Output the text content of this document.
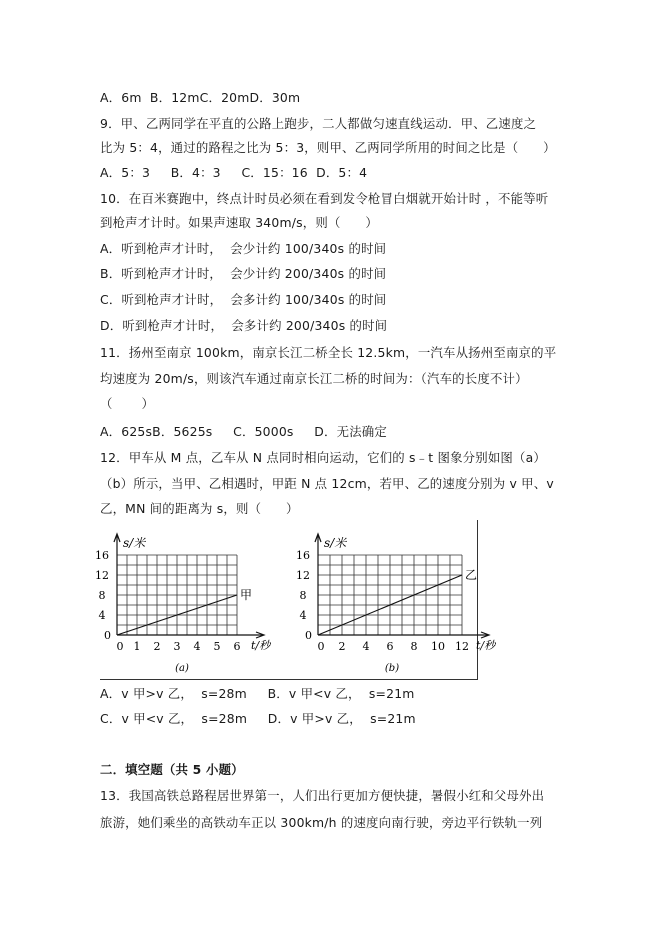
A．6m  B．12mC．20mD．30m
9．甲、乙两同学在平直的公路上跑步，二人都做匀速直线运动．甲、乙速度之
比为 5：4，通过的路程之比为 5：3，则甲、乙两同学所用的时间之比是（      ）
A．5：3     B．4：3     C．15：16  D．5：4
10．在百米赛跑中，终点计时员必须在看到发令枪冒白烟就开始计时 ，不能等听
到枪声才计时。如果声速取 340m/s，则（      ）
A．听到枪声才计时，  会少计约 100/340s 的时间
B．听到枪声才计时，  会少计约 200/340s 的时间
C．听到枪声才计时，  会多计约 100/340s 的时间
D．听到枪声才计时，  会多计约 200/340s 的时间
11．扬州至南京 100km，南京长江二桥全长 12.5km，一汽车从扬州至南京的平
均速度为 20m/s，则该汽车通过南京长江二桥的时间为：（汽车的长度不计）
（       ）
A．625sB．5625s     C．5000s     D．无法确定
12．甲车从 M 点，乙车从 N 点同时相向运动，它们的 s﹣t 图象分别如图（a）
（b）所示，当甲、乙相遇时，甲距 N 点 12cm，若甲、乙的速度分别为 v 甲、v
乙，MN 间的距离为 s，则（      ）
0
4
8
12
16
0 1 2 3 4 5 6
s/米
t/秒
甲
(a)
0
4
8
12
16
0 2 4 6 8 10 12
s/米
t/秒
乙
(b)
A．v 甲>v 乙，  s=28m     B．v 甲<v 乙，  s=21m
C．v 甲<v 乙，  s=28m     D．v 甲>v 乙，  s=21m
二．填空题（共 5 小题）
13．我国高铁总路程居世界第一，人们出行更加方便快捷，暑假小红和父母外出
旅游，她们乘坐的高铁动车正以 300km/h 的速度向南行驶，旁边平行铁轨一列
